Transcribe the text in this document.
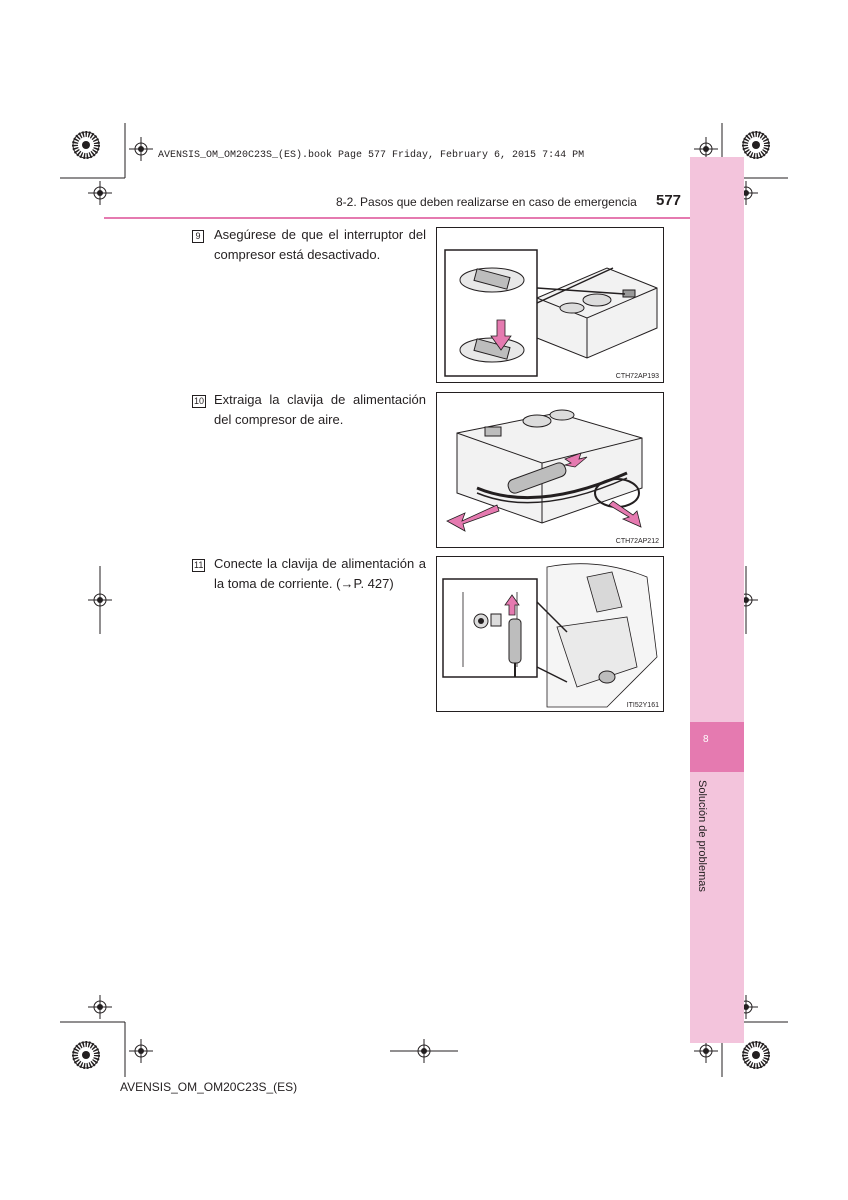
8
Solución de problemas
AVENSIS_OM_OM20C23S_(ES).book Page 577 Friday, February 6, 2015 7:44 PM
8-2. Pasos que deben realizarse en caso de emergencia 577
9 Asegúrese de que el interruptor del compresor está desactivado.
CTH72AP193
10 Extraiga la clavija de alimentación del compresor de aire.
CTH72AP212
11 Conecte la clavija de alimentación a la toma de corriente. (→P. 427)
ITI52Y161
AVENSIS_OM_OM20C23S_(ES)
